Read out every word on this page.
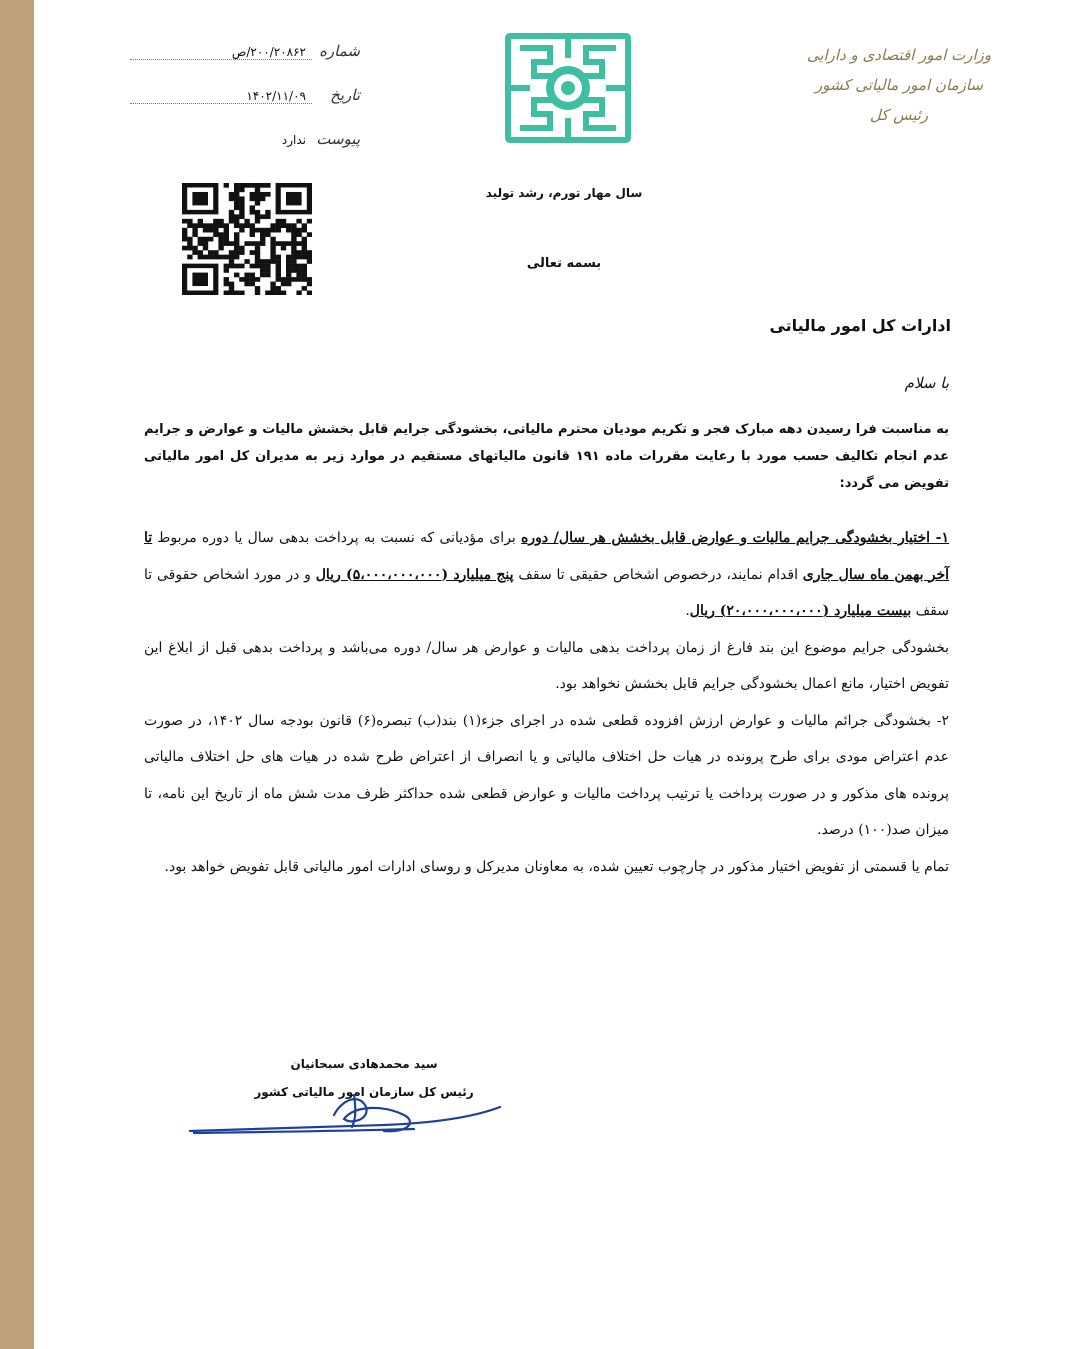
وزارت امور اقتصادی و دارایی
سازمان امور مالیاتی کشور
رئیس کل
سال مهار تورم، رشد تولید
بسمه تعالی
شماره
۲۰۰/۲۰۸۶۲/ص
تاریخ
۱۴۰۲/۱۱/۰۹
پیوست
ندارد
ادارات کل امور مالیاتی
با سلام
به مناسبت فرا رسیدن دهه مبارک فجر و تکریم مودیان محترم مالیاتی، بخشودگی جرایم قابل بخشش مالیات و عوارض و جرایم عدم انجام تکالیف حسب مورد با رعایت مقررات ماده ۱۹۱ قانون مالیاتهای مستقیم در موارد زیر به مدیران کل امور مالیاتی تفویض می گردد:

۱- اختیار بخشودگی جرایم مالیات و عوارض قابل بخشش هر سال/ دوره برای مؤدیانی که نسبت به پرداخت بدهی سال یا دوره مربوط تا آخر بهمن ماه سال جاری اقدام نمایند، درخصوص اشخاص حقیقی تا سقف پنج میلیارد (۵،۰۰۰،۰۰۰،۰۰۰) ریال و در مورد اشخاص حقوقی تا سقف بیست میلیارد (۲۰،۰۰۰،۰۰۰،۰۰۰) ریال.

بخشودگی جرایم موضوع این بند فارغ از زمان پرداخت بدهی مالیات و عوارض هر سال/ دوره می‌باشد و پرداخت بدهی قبل از ابلاغ این تفویض اختیار، مانع اعمال بخشودگی جرایم قابل بخشش نخواهد بود.

۲- بخشودگی جرائم مالیات و عوارض ارزش افزوده قطعی شده در اجرای جزء(۱) بند(ب) تبصره(۶) قانون بودجه سال ۱۴۰۲، در صورت عدم اعتراض مودی برای طرح پرونده در هیات حل اختلاف مالیاتی و یا انصراف از اعتراض طرح شده در هیات های حل اختلاف مالیاتی پرونده های مذکور و در صورت پرداخت یا ترتیب پرداخت مالیات و عوارض قطعی شده حداکثر ظرف مدت شش ماه از تاریخ این نامه، تا میزان صد(۱۰۰) درصد.

تمام یا قسمتی از تفویض اختیار مذکور در چارچوب تعیین شده، به معاونان مدیرکل و روسای ادارات امور مالیاتی قابل تفویض خواهد بود.

سید محمدهادی سبحانیان
رئیس کل سازمان امور مالیاتی کشور
